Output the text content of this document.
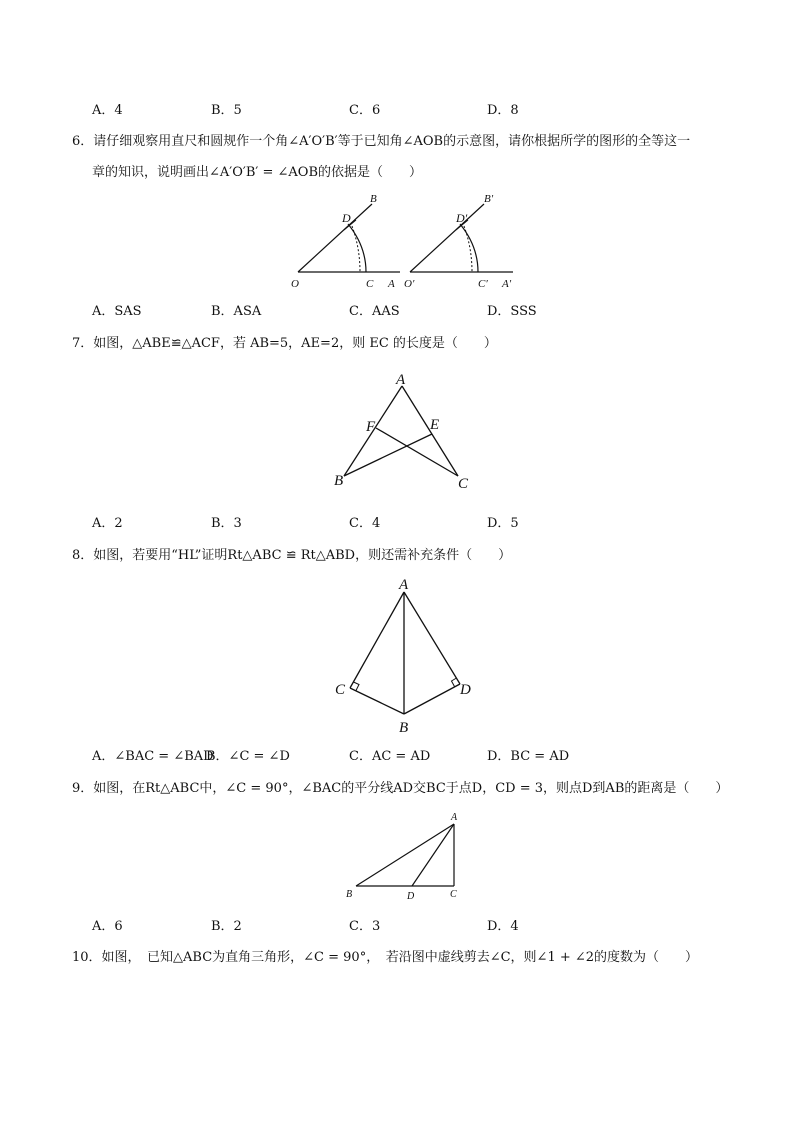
A．4	B．5	C．6	D．8
6．请仔细观察用直尺和圆规作一个角∠A′O′B′等于已知角∠AOB的示意图，请你根据所学的图形的全等这一
章的知识，说明画出∠A′O′B′ = ∠AOB的依据是（　　）
B
D
O	C A
B′
D′
O′	C′ A′
A．SAS	B．ASA	C．AAS	D．SSS
7．如图，△ABE≌△ACF，若 AB=5，AE=2，则 EC 的长度是（　　）
A
F	E
B	C
A．2	B．3	C．4	D．5
8．如图，若要用“HL”证明Rt△ABC ≌ Rt△ABD，则还需补充条件（　　）
A
C	D
B
A．∠BAC = ∠BAD
B．∠C = ∠D	C．AC = AD	D．BC = AD
9．如图，在Rt△ABC中，∠C = 90°，∠BAC的平分线AD交BC于点D，CD = 3，则点D到AB的距离是（　　）
A
B	D	C
A．6	B．2	C．3	D．4
10．如图，　已知△ABC为直角三角形，∠C = 90°，　若沿图中虚线剪去∠C，则∠1 + ∠2的度数为（　　）
